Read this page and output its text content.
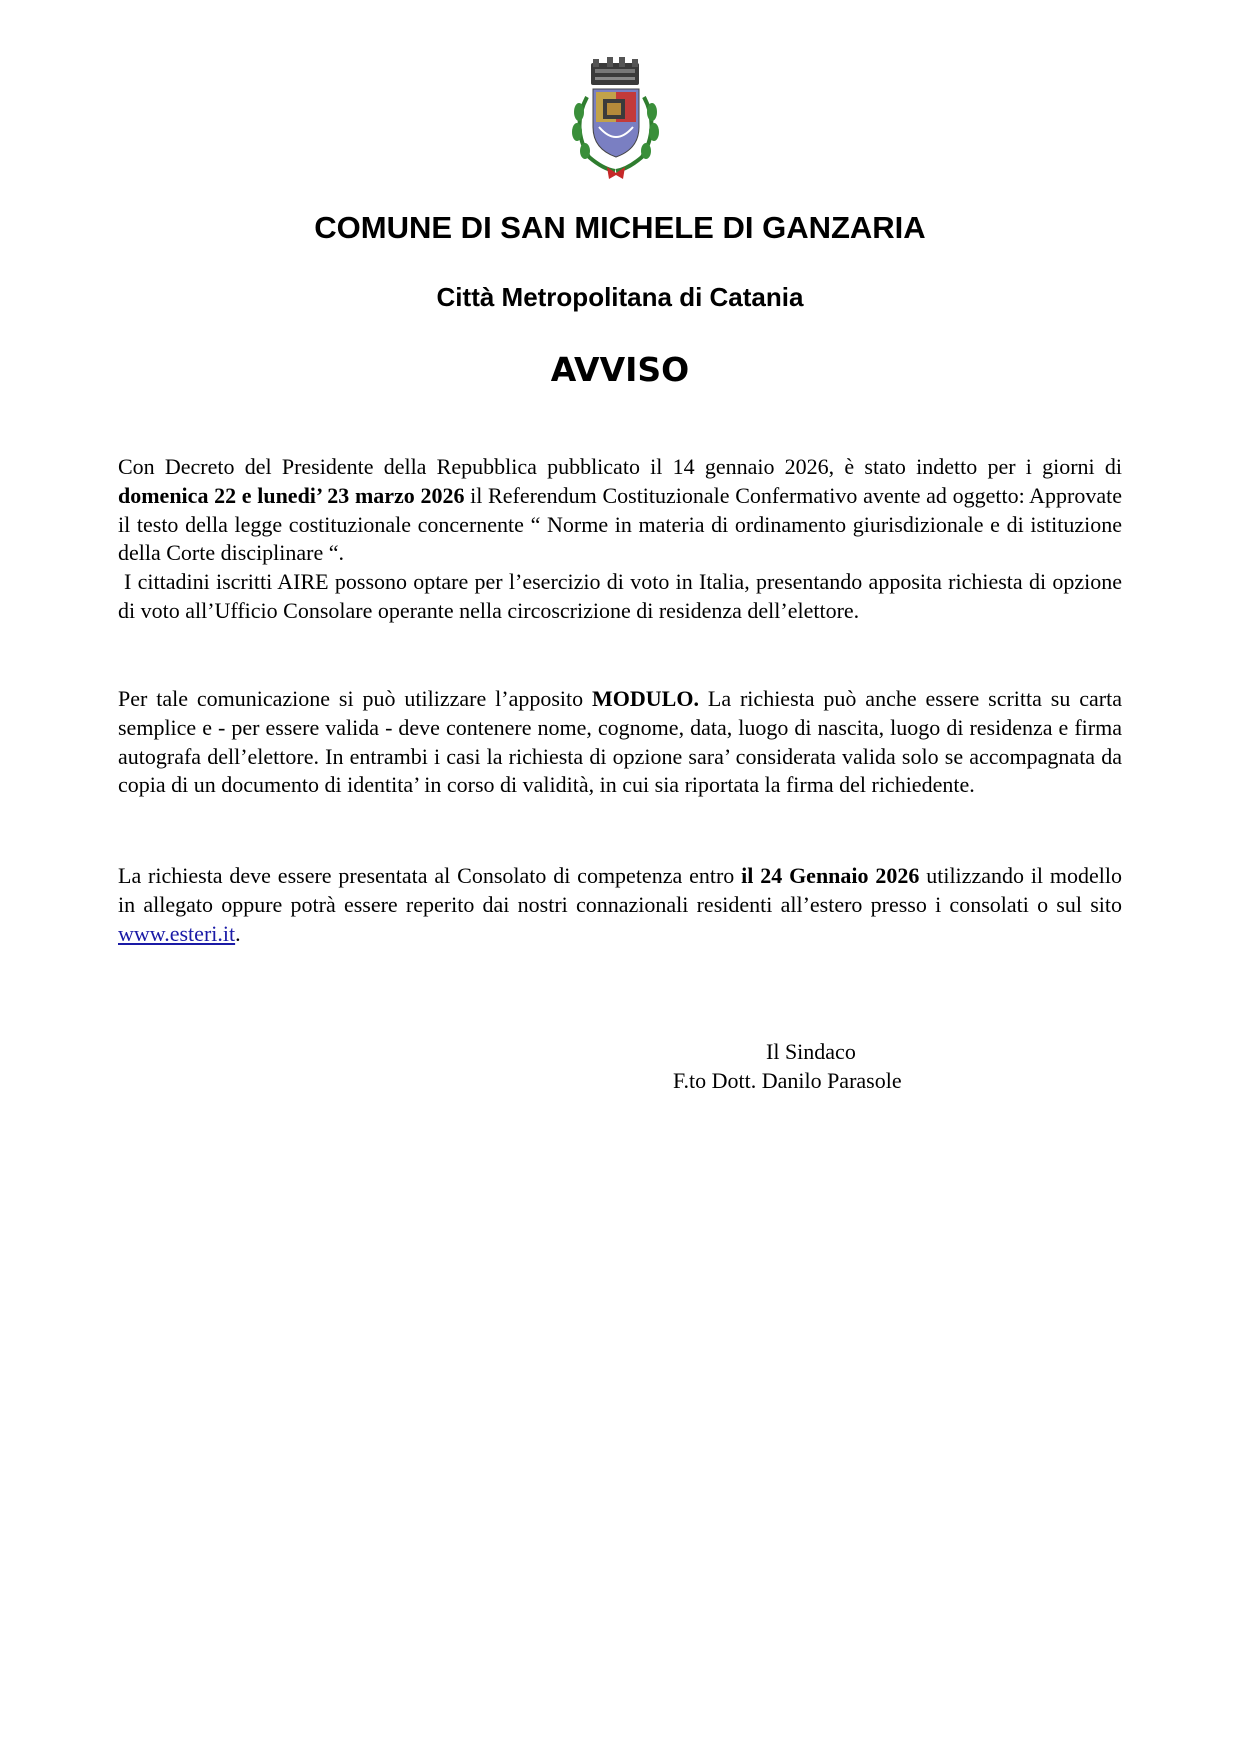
COMUNE DI SAN MICHELE DI GANZARIA
Città Metropolitana di Catania
AVVISO

Con Decreto del Presidente della Repubblica pubblicato il 14 gennaio 2026, è stato indetto per i giorni di domenica 22 e lunedi’ 23 marzo 2026 il Referendum Costituzionale Confermativo avente ad oggetto: Approvate il testo della legge costituzionale concernente “ Norme in materia di ordinamento giurisdizionale e di istituzione della Corte disciplinare “.

I cittadini iscritti AIRE possono optare per l’esercizio di voto in Italia, presentando apposita richiesta di opzione di voto all’Ufficio Consolare operante nella circoscrizione di residenza dell’elettore.

Per tale comunicazione si può utilizzare l’apposito MODULO. La richiesta può anche essere scritta su carta semplice e - per essere valida - deve contenere nome, cognome, data, luogo di nascita, luogo di residenza e firma autografa dell’elettore. In entrambi i casi la richiesta di opzione sara’ considerata valida solo se accompagnata da copia di un documento di identita’ in corso di validità, in cui sia riportata la firma del richiedente.

La richiesta deve essere presentata al Consolato di competenza entro il 24 Gennaio 2026 utilizzando il modello in allegato oppure potrà essere reperito dai nostri connazionali residenti all’estero presso i consolati o sul sito www.esteri.it.

Il Sindaco
F.to Dott. Danilo Parasole
